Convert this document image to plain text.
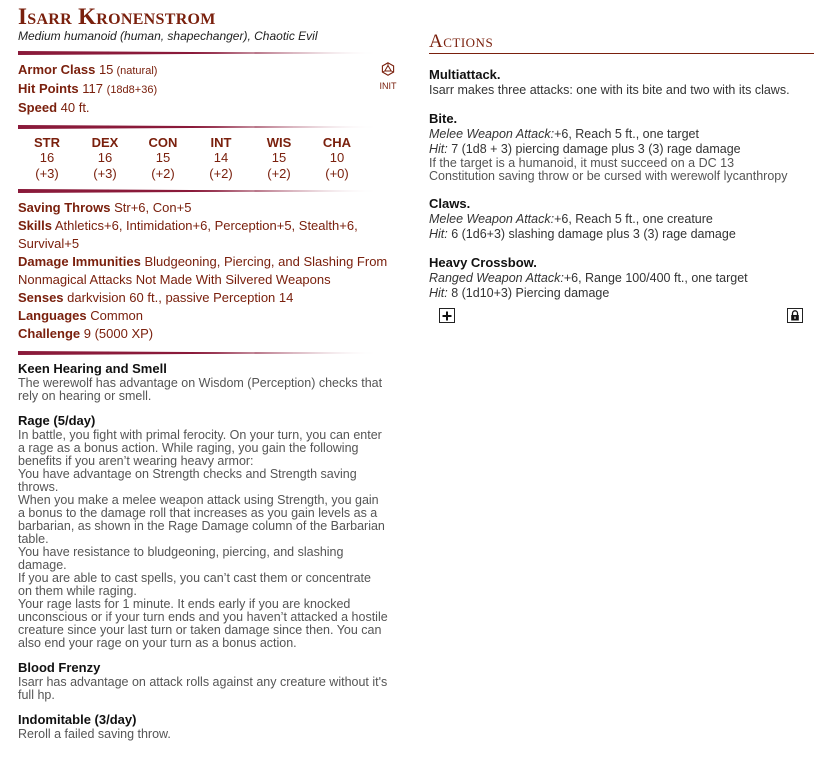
Isarr Kronenstrom
Medium humanoid (human, shapechanger), Chaotic Evil
Armor Class 15 (natural)
Hit Points 117 (18d8+36)
Speed 40 ft.
INIT
STR
16
(+3)
DEX
16
(+3)
CON
15
(+2)
INT
14
(+2)
WIS
15
(+2)
CHA
10
(+0)
Saving Throws Str+6, Con+5
Skills Athletics+6, Intimidation+6, Perception+5, Stealth+6,
Survival+5
Damage Immunities Bludgeoning, Piercing, and Slashing From
Nonmagical Attacks Not Made With Silvered Weapons
Senses darkvision 60 ft., passive Perception 14
Languages Common
Challenge 9 (5000 XP)
Keen Hearing and Smell
The werewolf has advantage on Wisdom (Perception) checks that
rely on hearing or smell.
Rage (5/day)
In battle, you fight with primal ferocity. On your turn, you can enter
a rage as a bonus action. While raging, you gain the following
benefits if you aren’t wearing heavy armor:
You have advantage on Strength checks and Strength saving
throws.
When you make a melee weapon attack using Strength, you gain
a bonus to the damage roll that increases as you gain levels as a
barbarian, as shown in the Rage Damage column of the Barbarian
table.
You have resistance to bludgeoning, piercing, and slashing
damage.
If you are able to cast spells, you can’t cast them or concentrate
on them while raging.
Your rage lasts for 1 minute. It ends early if you are knocked
unconscious or if your turn ends and you haven’t attacked a hostile
creature since your last turn or taken damage since then. You can
also end your rage on your turn as a bonus action.
Blood Frenzy
Isarr has advantage on attack rolls against any creature without it's
full hp.
Indomitable (3/day)
Reroll a failed saving throw.
Actions
Multiattack.
Isarr makes three attacks: one with its bite and two with its claws.
Bite.
Melee Weapon Attack:+6, Reach 5 ft., one target
Hit: 7 (1d8 + 3) piercing damage plus 3 (3) rage damage
If the target is a humanoid, it must succeed on a DC 13
Constitution saving throw or be cursed with werewolf lycanthropy
Claws.
Melee Weapon Attack:+6, Reach 5 ft., one creature
Hit: 6 (1d6+3) slashing damage plus 3 (3) rage damage
Heavy Crossbow.
Ranged Weapon Attack:+6, Range 100/400 ft., one target
Hit: 8 (1d10+3) Piercing damage
